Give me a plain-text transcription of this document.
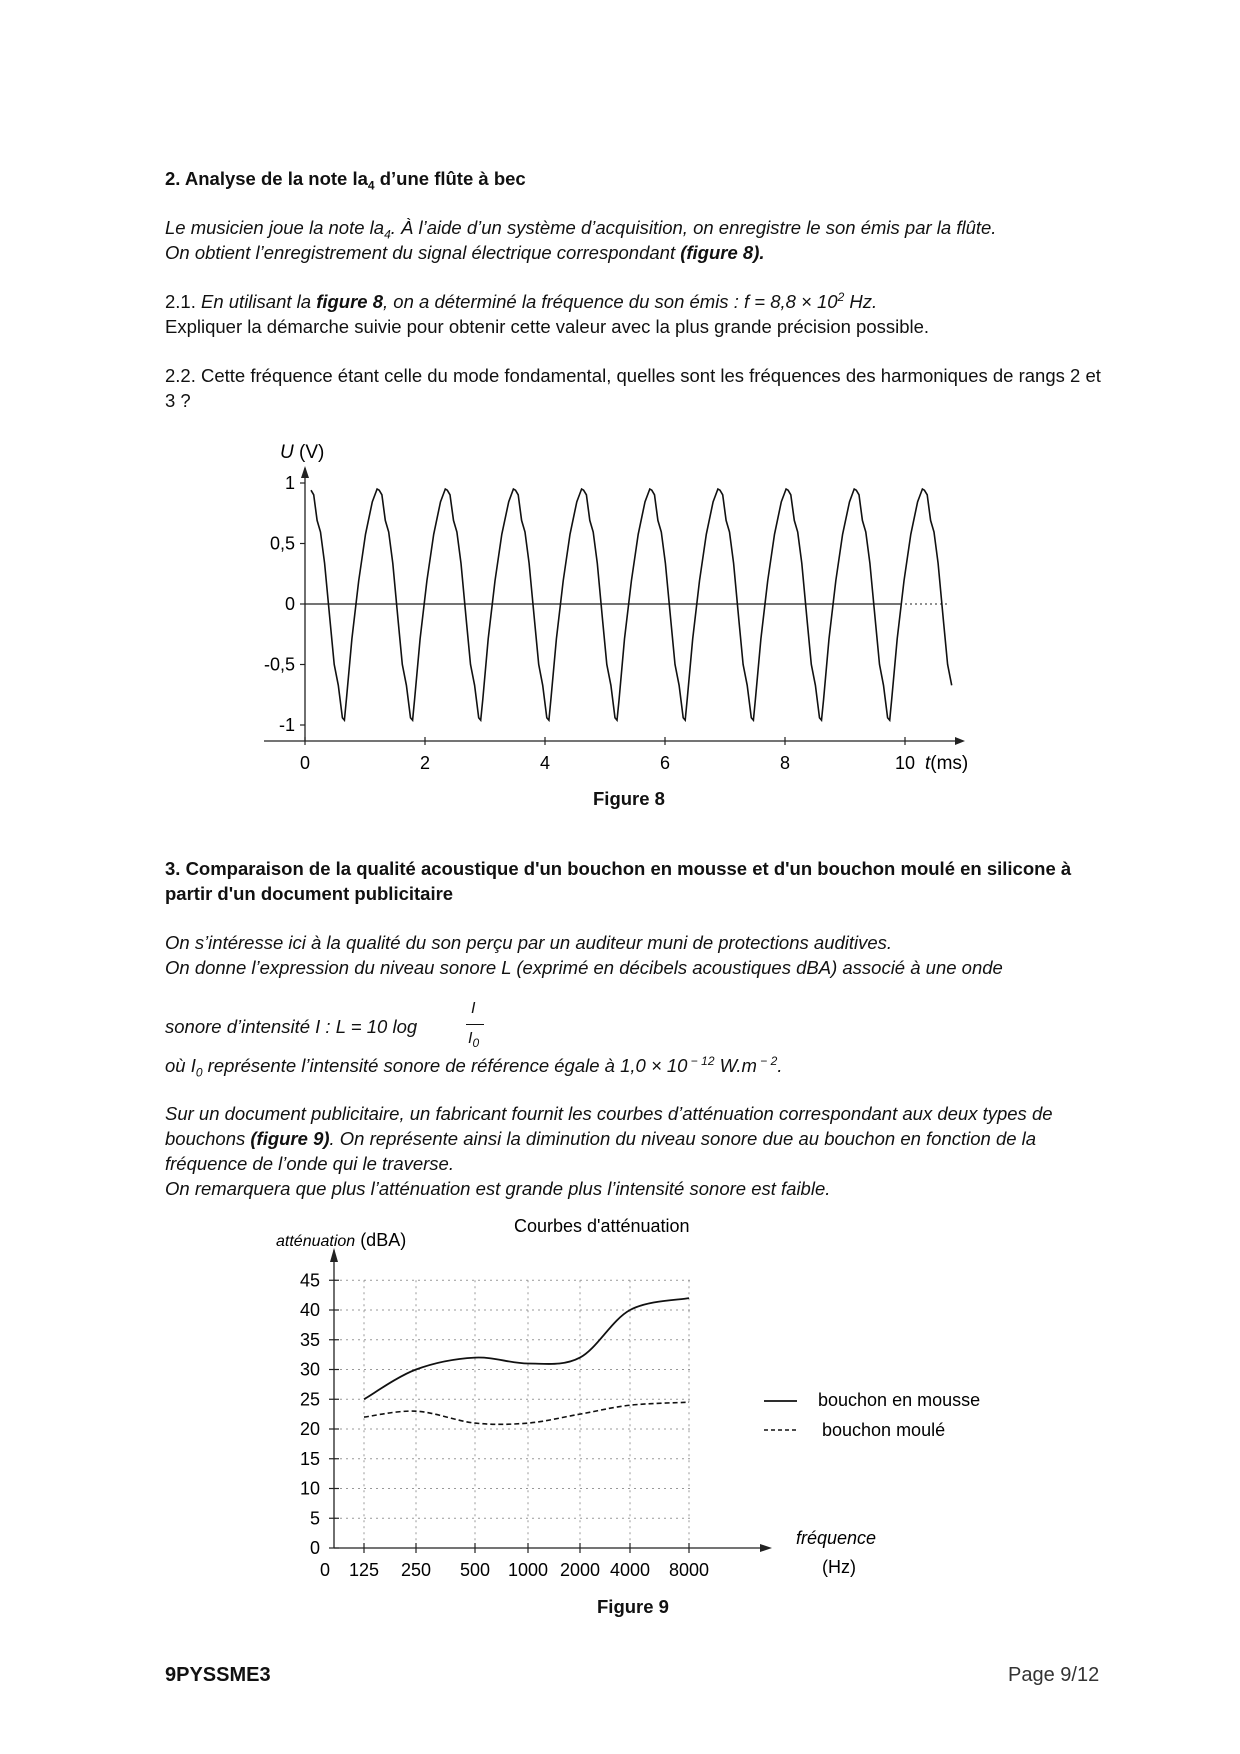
2. Analyse de la note $la_4$ d’une flûte à bec
Le musicien joue la note $la_4$. À l’aide d’un système d’acquisition, on enregistre le son émis par la flûte.
On obtient l’enregistrement du signal électrique correspondant (figure 8).
2.1. En utilisant la figure 8, on a déterminé la fréquence du son émis : $f = 8,8 \times 10^2$ Hz.
Expliquer la démarche suivie pour obtenir cette valeur avec la plus grande précision possible.
2.2. Cette fréquence étant celle du mode fondamental, quelles sont les fréquences des harmoniques de rangs 2 et 3 ?
1
0,5
0
-0,5
-1
0	2	4	6	8	10
U (V)
t(ms)
Figure 8
3. Comparaison de la qualité acoustique d'un bouchon en mousse et d'un bouchon moulé en silicone à partir d'un document publicitaire
On s’intéresse ici à la qualité du son perçu par un auditeur muni de protections auditives.
On donne l’expression du niveau sonore L (exprimé en décibels acoustiques dBA) associé à une onde
sonore d’intensité I : L = 10 log
I
$I_0$
où $I_0$ représente l’intensité sonore de référence égale à 1,0 × 10 $^{- 12}$ W.m $^{- 2}$.
Sur un document publicitaire, un fabricant fournit les courbes d’atténuation correspondant aux deux types de bouchons (figure 9). On représente ainsi la diminution du niveau sonore due au bouchon en fonction de la fréquence de l’onde qui le traverse.
On remarquera que plus l’atténuation est grande plus l’intensité sonore est faible.
45
40
35
30
25
20
15
10
5
0
0 125 250 500 1000 2000 4000 8000
Courbes d'atténuation
atténuation (dBA)
fréquence
(Hz)
bouchon en mousse
bouchon moulé
Figure 9
9PYSSME3	Page 9/12
